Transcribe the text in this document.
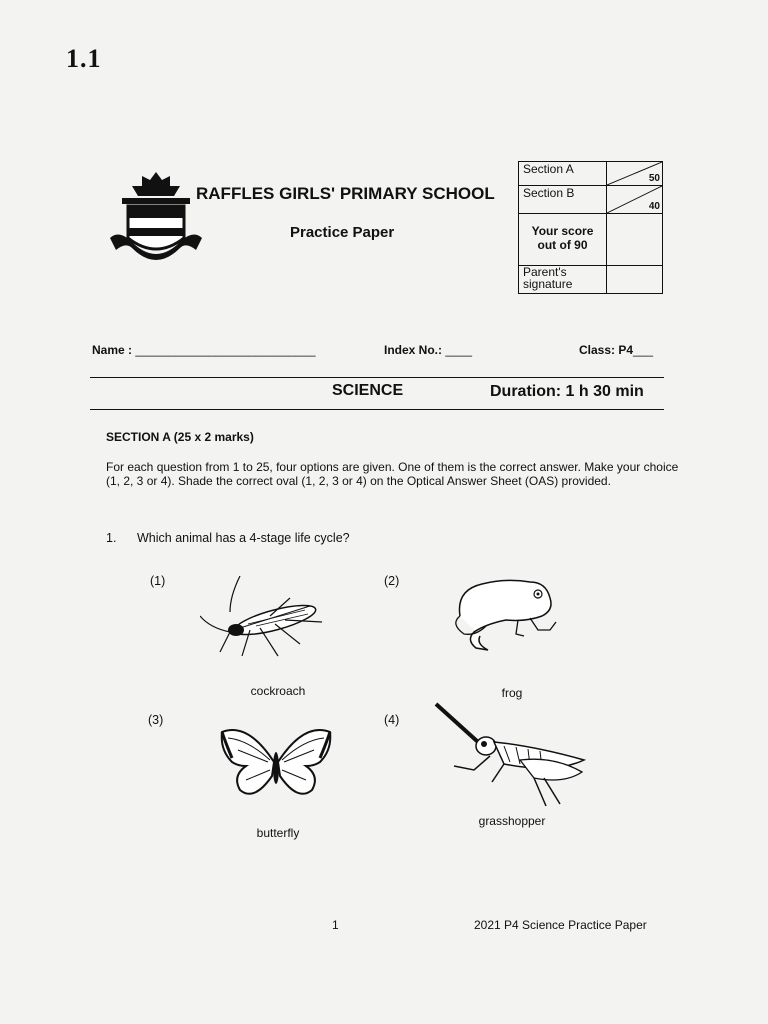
1.1
RAFFLES GIRLS' PRIMARY SCHOOL
Practice Paper
Section A	50

Section B	40

Your score out of 90	
Parent's signature	
Name : ___________________________	Index No.: ____	Class: P4___
SCIENCE	Duration: 1 h 30 min
SECTION A (25 x 2 marks)
For each question from 1 to 25, four options are given. One of them is the correct answer. Make your choice (1, 2, 3 or 4). Shade the correct oval (1, 2, 3 or 4) on the Optical Answer Sheet (OAS) provided.
1. Which animal has a 4-stage life cycle?
(1)
cockroach
(2)
frog
(3)
butterfly
(4)
grasshopper
1	2021 P4 Science Practice Paper
